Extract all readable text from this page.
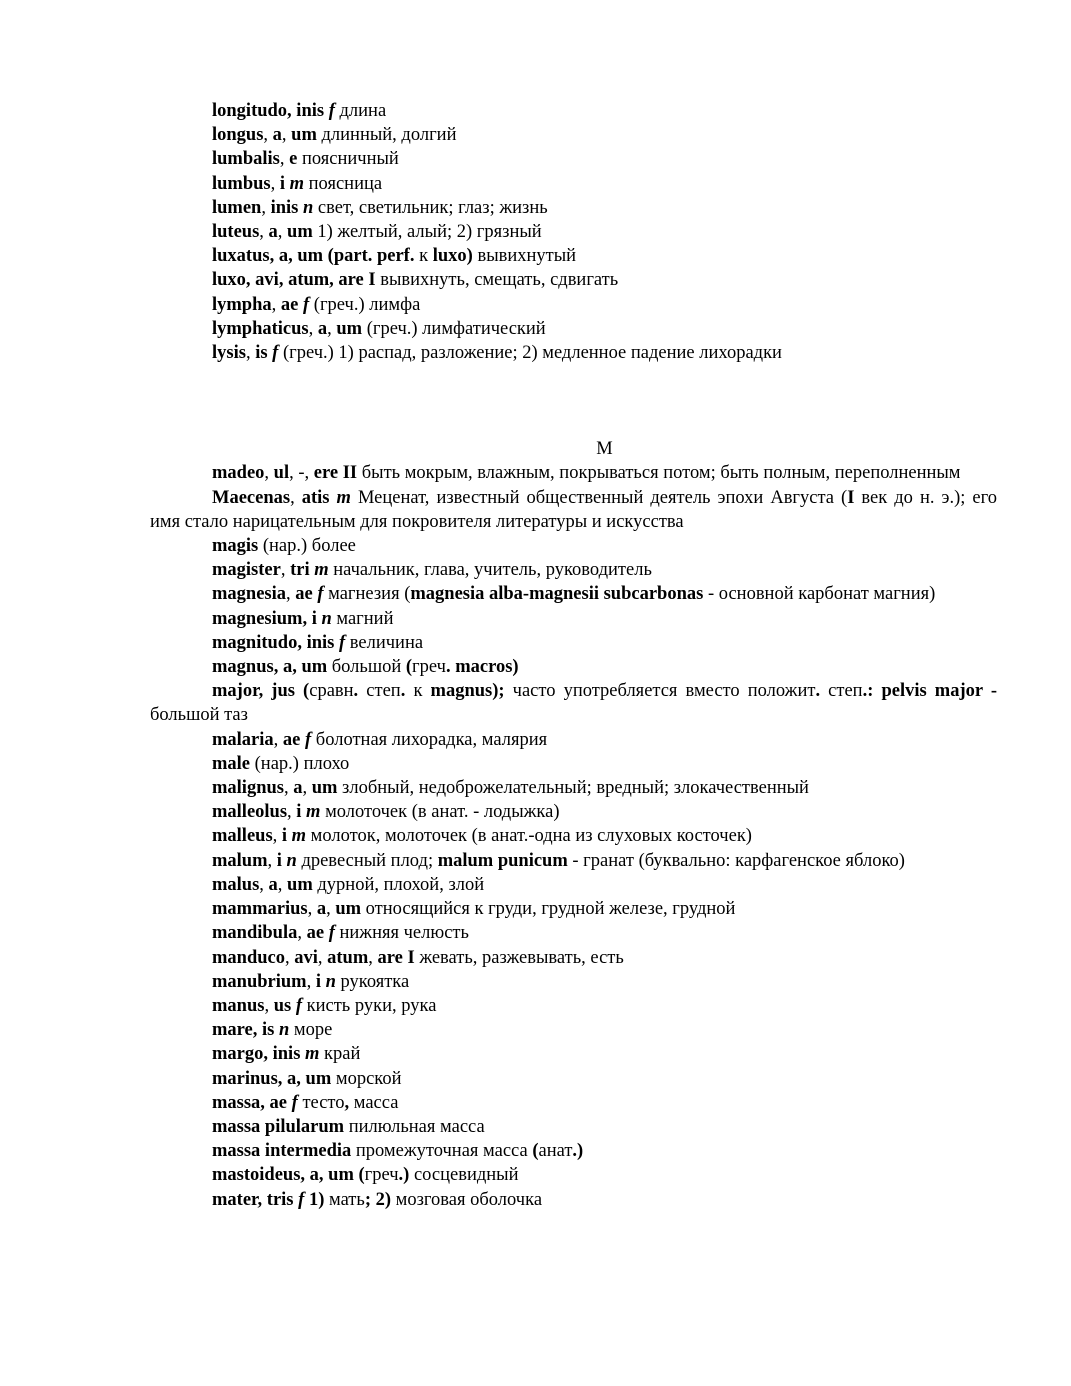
longitudo, inis f длина

longus, a, um длинный, долгий

lumbalis, e поясничный

lumbus, i m поясница

lumen, inis n свет, светильник; глаз; жизнь

luteus, a, um 1) желтый, алый; 2) грязный

luxatus, a, um (part. perf. к luxo) вывихнутый

luxo, avi, atum, are I вывихнуть, смещать, сдвигать

lympha, ae f (греч.) лимфа

lymphaticus, a, um (греч.) лимфатический

lysis, is f (греч.) 1) распад, разложение; 2) медленное падение лихорадки

M

madeo, ul, -, ere II быть мокрым, влажным, покрываться потом; быть полным, переполненным

Maecenas, atis m Меценат, известный общественный деятель эпохи Августа (I век до н. э.); его имя стало нарицательным для покровителя литературы и искусства

magis (нар.) более

magister, tri m начальник, глава, учитель, руководитель

magnesia, ae f магнезия (magnesia alba-magnesii subcarbonas - основной карбонат магния)

magnesium, i n магний

magnitudo, inis f величина

magnus, a, um большой (греч. macros)

major, jus (сравн. степ. к magnus); часто употребляется вместо положит. степ.: pelvis major - большой таз

malaria, ae f болотная лихорадка, малярия

male (нар.) плохо

malignus, a, um злобный, недоброжелательный; вредный; злокачественный

malleolus, i m молоточек (в анат. - лодыжка)

malleus, i m молоток, молоточек (в анат.-одна из слуховых косточек)

malum, i n древесный плод; malum punicum - гранат (буквально: карфагенское яблоко)

malus, a, um дурной, плохой, злой

mammarius, a, um относящийся к груди, грудной железе, грудной

mandibula, ae f нижняя челюсть

manduco, avi, atum, are I жевать, разжевывать, есть

manubrium, i n рукоятка

manus, us f кисть руки, рука

mare, is n море

margo, inis m край

marinus, a, um морской

massa, ae f тесто, масса

massa pilularum пилюльная масса

massa intermedia промежуточная масса (анат.)

mastoideus, a, um (греч.) сосцевидный

mater, tris f 1) мать; 2) мозговая оболочка
